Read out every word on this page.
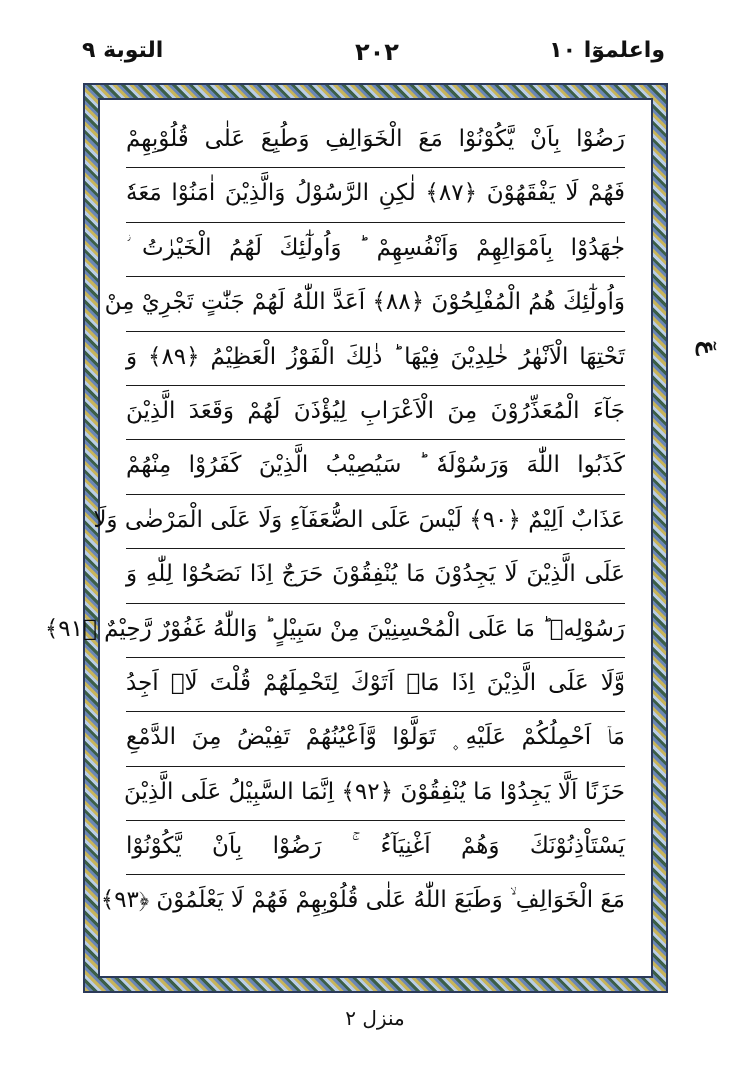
التوبة ٩	٢٠٢	واعلموٓا ١٠
رَضُوْا بِاَنْ يَّكُوْنُوْا مَعَ الْخَوَالِفِ وَطُبِعَ عَلٰى قُلُوْبِهِمْ
فَهُمْ لَا يَفْقَهُوْنَ ﴿٨٧﴾ لٰكِنِ الرَّسُوْلُ وَالَّذِيْنَ اٰمَنُوْا مَعَهٗ
جٰهَدُوْا بِاَمْوَالِهِمْ وَاَنْفُسِهِمْ ؕ وَاُولٰٓئِكَ لَهُمُ الْخَيْرٰتُ ؗ
وَاُولٰٓئِكَ هُمُ الْمُفْلِحُوْنَ ﴿٨٨﴾ اَعَدَّ اللّٰهُ لَهُمْ جَنّٰتٍ تَجْرِيْ مِنْ
تَحْتِهَا الْاَنْهٰرُ خٰلِدِيْنَ فِيْهَا ؕ ذٰلِكَ الْفَوْزُ الْعَظِيْمُ ﴿٨٩﴾ وَ
جَآءَ الْمُعَذِّرُوْنَ مِنَ الْاَعْرَابِ لِيُؤْذَنَ لَهُمْ وَقَعَدَ الَّذِيْنَ
كَذَبُوا اللّٰهَ وَرَسُوْلَهٗ ؕ سَيُصِيْبُ الَّذِيْنَ كَفَرُوْا مِنْهُمْ
عَذَابٌ اَلِيْمٌ ﴿٩٠﴾ لَيْسَ عَلَى الضُّعَفَآءِ وَلَا عَلَى الْمَرْضٰى وَلَا
عَلَى الَّذِيْنَ لَا يَجِدُوْنَ مَا يُنْفِقُوْنَ حَرَجٌ اِذَا نَصَحُوْا لِلّٰهِ وَ
رَسُوْلِهٖ ؕ مَا عَلَى الْمُحْسِنِيْنَ مِنْ سَبِيْلٍ ؕ وَاللّٰهُ غَفُوْرٌ رَّحِيْمٌ ﴿٩١﴾
وَّلَا عَلَى الَّذِيْنَ اِذَا مَاۤ اَتَوْكَ لِتَحْمِلَهُمْ قُلْتَ لَاۤ اَجِدُ
مَاۤ اَحْمِلُكُمْ عَلَيْهِ ۪ تَوَلَّوْا وَّاَعْيُنُهُمْ تَفِيْضُ مِنَ الدَّمْعِ
حَزَنًا اَلَّا يَجِدُوْا مَا يُنْفِقُوْنَ ﴿٩٢﴾ اِنَّمَا السَّبِيْلُ عَلَى الَّذِيْنَ
يَسْتَاْذِنُوْنَكَ وَهُمْ اَغْنِيَآءُ ۚ رَضُوْا بِاَنْ يَّكُوْنُوْا
مَعَ الْخَوَالِفِ ۙ وَطَبَعَ اللّٰهُ عَلٰى قُلُوْبِهِمْ فَهُمْ لَا يَعْلَمُوْنَ ﴿٩٣﴾
عٓ
منزل ٢
